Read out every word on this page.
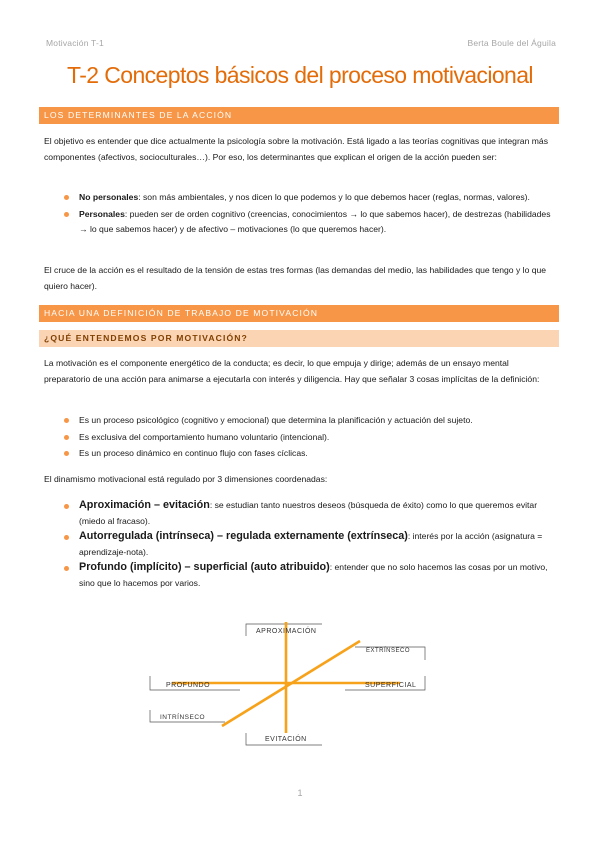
Motivación T-1	Berta Boule del Águila
T-2 Conceptos básicos del proceso motivacional
LOS DETERMINANTES DE LA ACCIÓN
El objetivo es entender que dice actualmente la psicología sobre la motivación. Está ligado a las teorías cognitivas que integran más componentes (afectivos, socioculturales…). Por eso, los determinantes que explican el origen de la acción pueden ser:
No personales: son más ambientales, y nos dicen lo que podemos y lo que debemos hacer (reglas, normas, valores).
Personales: pueden ser de orden cognitivo (creencias, conocimientos → lo que sabemos hacer), de destrezas (habilidades → lo que sabemos hacer) y de afectivo – motivaciones (lo que queremos hacer).
El cruce de la acción es el resultado de la tensión de estas tres formas (las demandas del medio, las habilidades que tengo y lo que quiero hacer).
HACIA UNA DEFINICIÓN DE TRABAJO DE MOTIVACIÓN
¿QUÉ ENTENDEMOS POR MOTIVACIÓN?
La motivación es el componente energético de la conducta; es decir, lo que empuja y dirige; además de un ensayo mental preparatorio de una acción para animarse a ejecutarla con interés y diligencia. Hay que señalar 3 cosas implícitas de la definición:
Es un proceso psicológico (cognitivo y emocional) que determina la planificación y actuación del sujeto.
Es exclusiva del comportamiento humano voluntario (intencional).
Es un proceso dinámico en continuo flujo con fases cíclicas.
El dinamismo motivacional está regulado por 3 dimensiones coordenadas:
Aproximación – evitación: se estudian tanto nuestros deseos (búsqueda de éxito) como lo que queremos evitar (miedo al fracaso).
Autorregulada (intrínseca) – regulada externamente (extrínseca): interés por la acción (asignatura = aprendizaje-nota).
Profundo (implícito) – superficial (auto atribuido): entender que no solo hacemos las cosas por un motivo, sino que lo hacemos por varios.
APROXIMACIÓN
EXTRÍNSECO
PROFUNDO	SUPERFICIAL
INTRÍNSECO
EVITACIÓN
1
